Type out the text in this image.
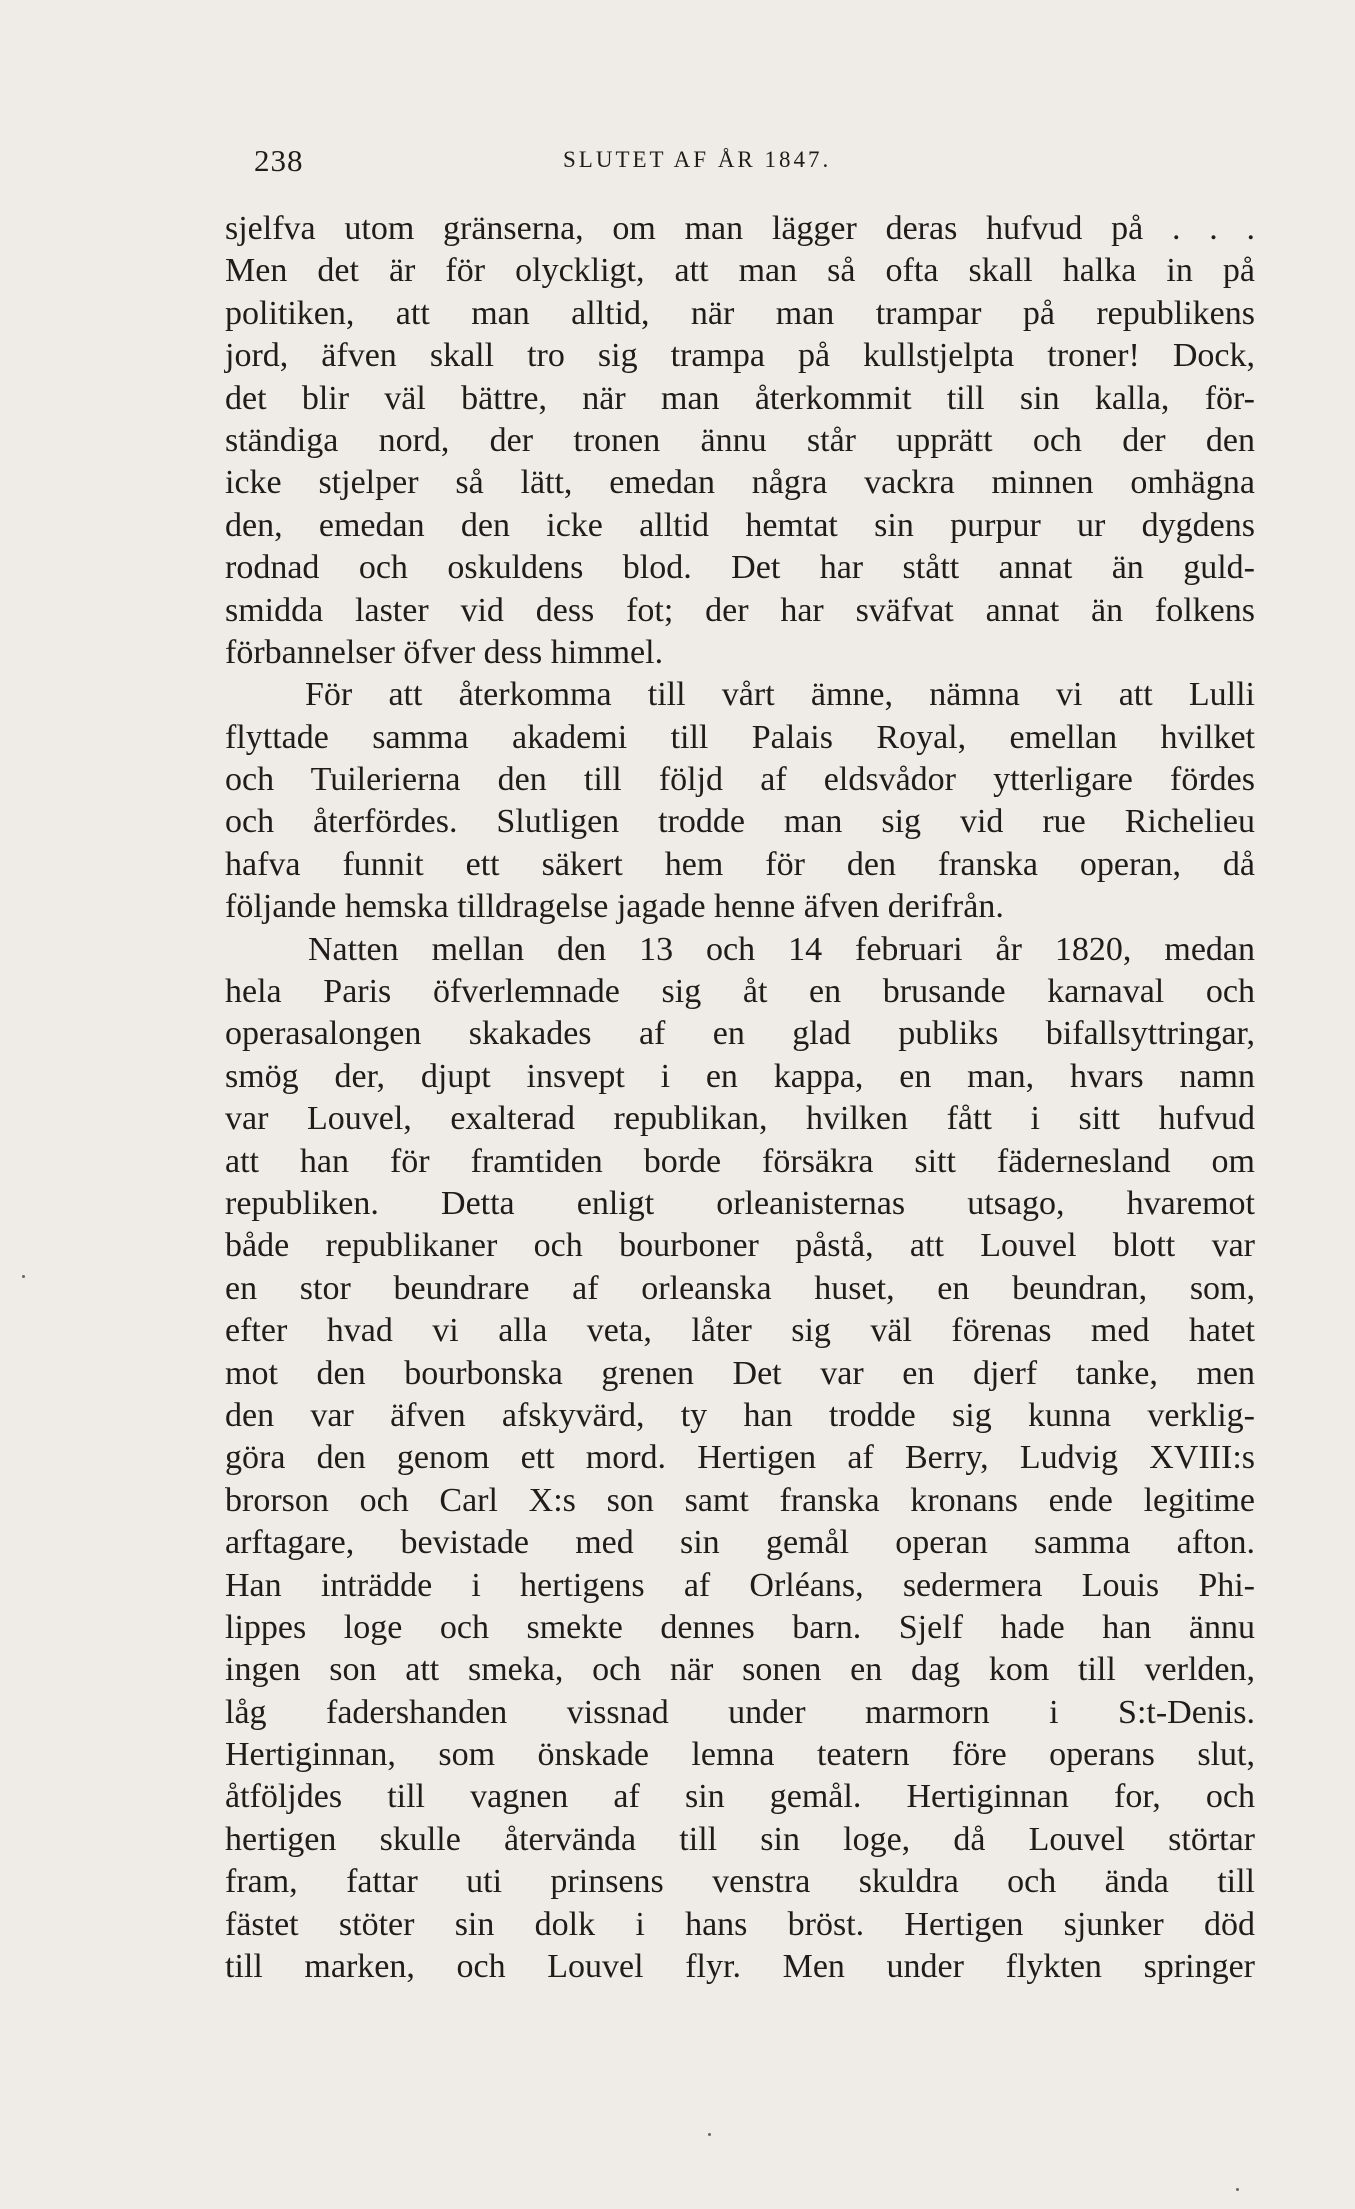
238	SLUTET AF ÅR 1847.
sjelfva utom gränserna, om man lägger deras hufvud på . . .
Men det är för olyckligt, att man så ofta skall halka in på
politiken, att man alltid, när man trampar på republikens
jord, äfven skall tro sig trampa på kullstjelpta troner! Dock,
det blir väl bättre, när man återkommit till sin kalla, för-
ständiga nord, der tronen ännu står upprätt och der den
icke stjelper så lätt, emedan några vackra minnen omhägna
den, emedan den icke alltid hemtat sin purpur ur dygdens
rodnad och oskuldens blod. Det har stått annat än guld-
smidda laster vid dess fot; der har sväfvat annat än folkens
förbannelser öfver dess himmel.
För att återkomma till vårt ämne, nämna vi att Lulli
flyttade samma akademi till Palais Royal, emellan hvilket
och Tuilerierna den till följd af eldsvådor ytterligare fördes
och återfördes. Slutligen trodde man sig vid rue Richelieu
hafva funnit ett säkert hem för den franska operan, då
följande hemska tilldragelse jagade henne äfven derifrån.
Natten mellan den 13 och 14 februari år 1820, medan
hela Paris öfverlemnade sig åt en brusande karnaval och
operasalongen skakades af en glad publiks bifallsyttringar,
smög der, djupt insvept i en kappa, en man, hvars namn
var Louvel, exalterad republikan, hvilken fått i sitt hufvud
att han för framtiden borde försäkra sitt fädernesland om
republiken. Detta enligt orleanisternas utsago, hvaremot
både republikaner och bourboner påstå, att Louvel blott var
en stor beundrare af orleanska huset, en beundran, som,
efter hvad vi alla veta, låter sig väl förenas med hatet
mot den bourbonska grenen Det var en djerf tanke, men
den var äfven afskyvärd, ty han trodde sig kunna verklig-
göra den genom ett mord. Hertigen af Berry, Ludvig XVIII:s
brorson och Carl X:s son samt franska kronans ende legitime
arftagare, bevistade med sin gemål operan samma afton.
Han inträdde i hertigens af Orléans, sedermera Louis Phi-
lippes loge och smekte dennes barn. Sjelf hade han ännu
ingen son att smeka, och när sonen en dag kom till verlden,
låg fadershanden vissnad under marmorn i S:t-Denis.
Hertiginnan, som önskade lemna teatern före operans slut,
åtföljdes till vagnen af sin gemål. Hertiginnan for, och
hertigen skulle återvända till sin loge, då Louvel störtar
fram, fattar uti prinsens venstra skuldra och ända till
fästet stöter sin dolk i hans bröst. Hertigen sjunker död
till marken, och Louvel flyr. Men under flykten springer
